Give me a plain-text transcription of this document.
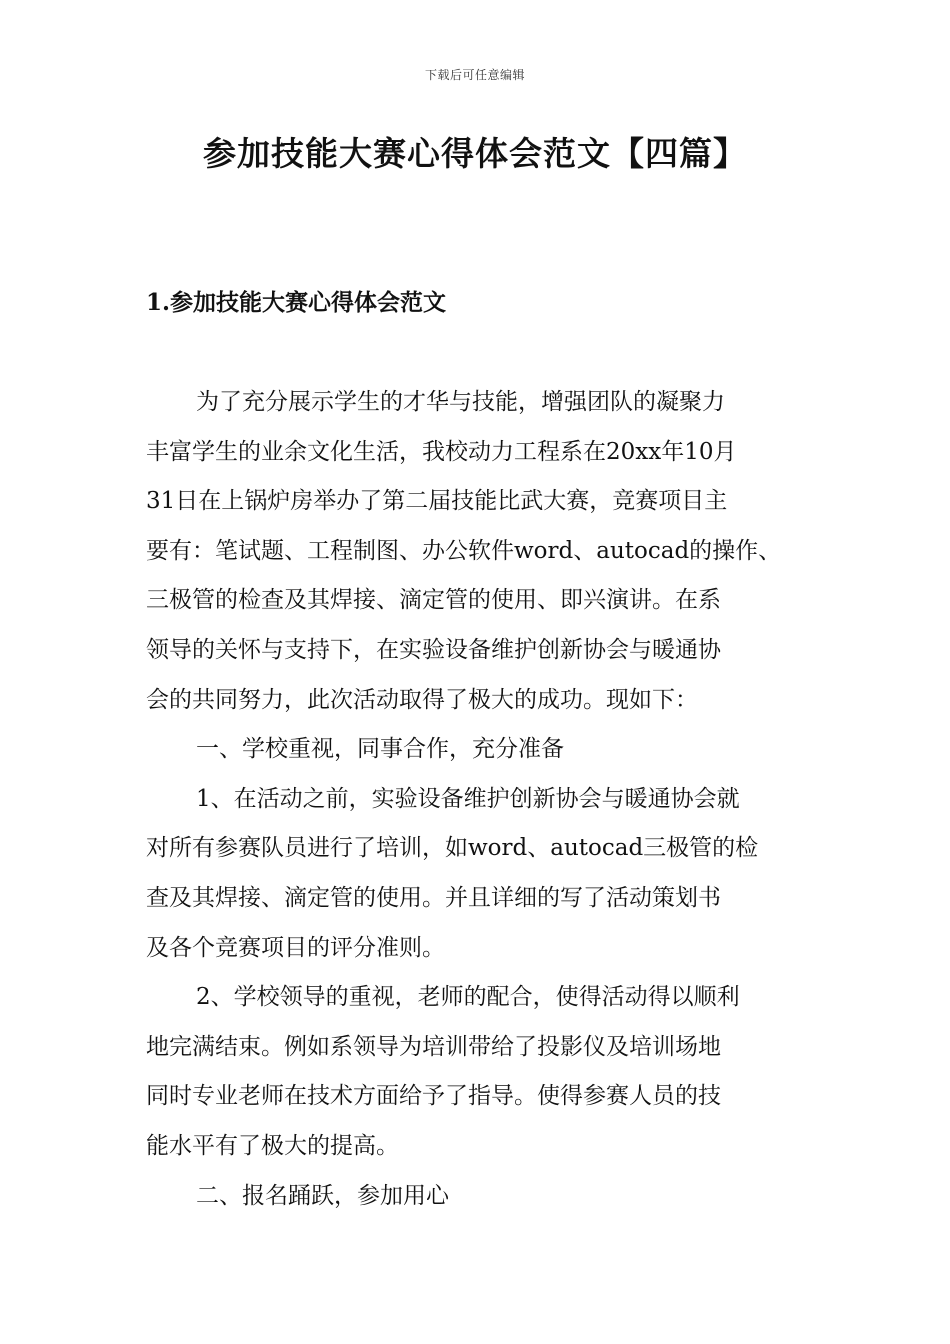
下载后可任意编辑
参加技能大赛心得体会范文【四篇】
1.参加技能大赛心得体会范文
为了充分展示学生的才华与技能，增强团队的凝聚力
丰富学生的业余文化生活，我校动力工程系在20xx年10月
31日在上锅炉房举办了第二届技能比武大赛，竞赛项目主
要有：笔试题、工程制图、办公软件word、autocad的操作、
三极管的检查及其焊接、滴定管的使用、即兴演讲。在系
领导的关怀与支持下，在实验设备维护创新协会与暖通协
会的共同努力，此次活动取得了极大的成功。现如下：
一、学校重视，同事合作，充分准备
1、在活动之前，实验设备维护创新协会与暖通协会就
对所有参赛队员进行了培训，如word、autocad三极管的检
查及其焊接、滴定管的使用。并且详细的写了活动策划书
及各个竞赛项目的评分准则。
2、学校领导的重视，老师的配合，使得活动得以顺利
地完满结束。例如系领导为培训带给了投影仪及培训场地
同时专业老师在技术方面给予了指导。使得参赛人员的技
能水平有了极大的提高。
二、报名踊跃，参加用心
